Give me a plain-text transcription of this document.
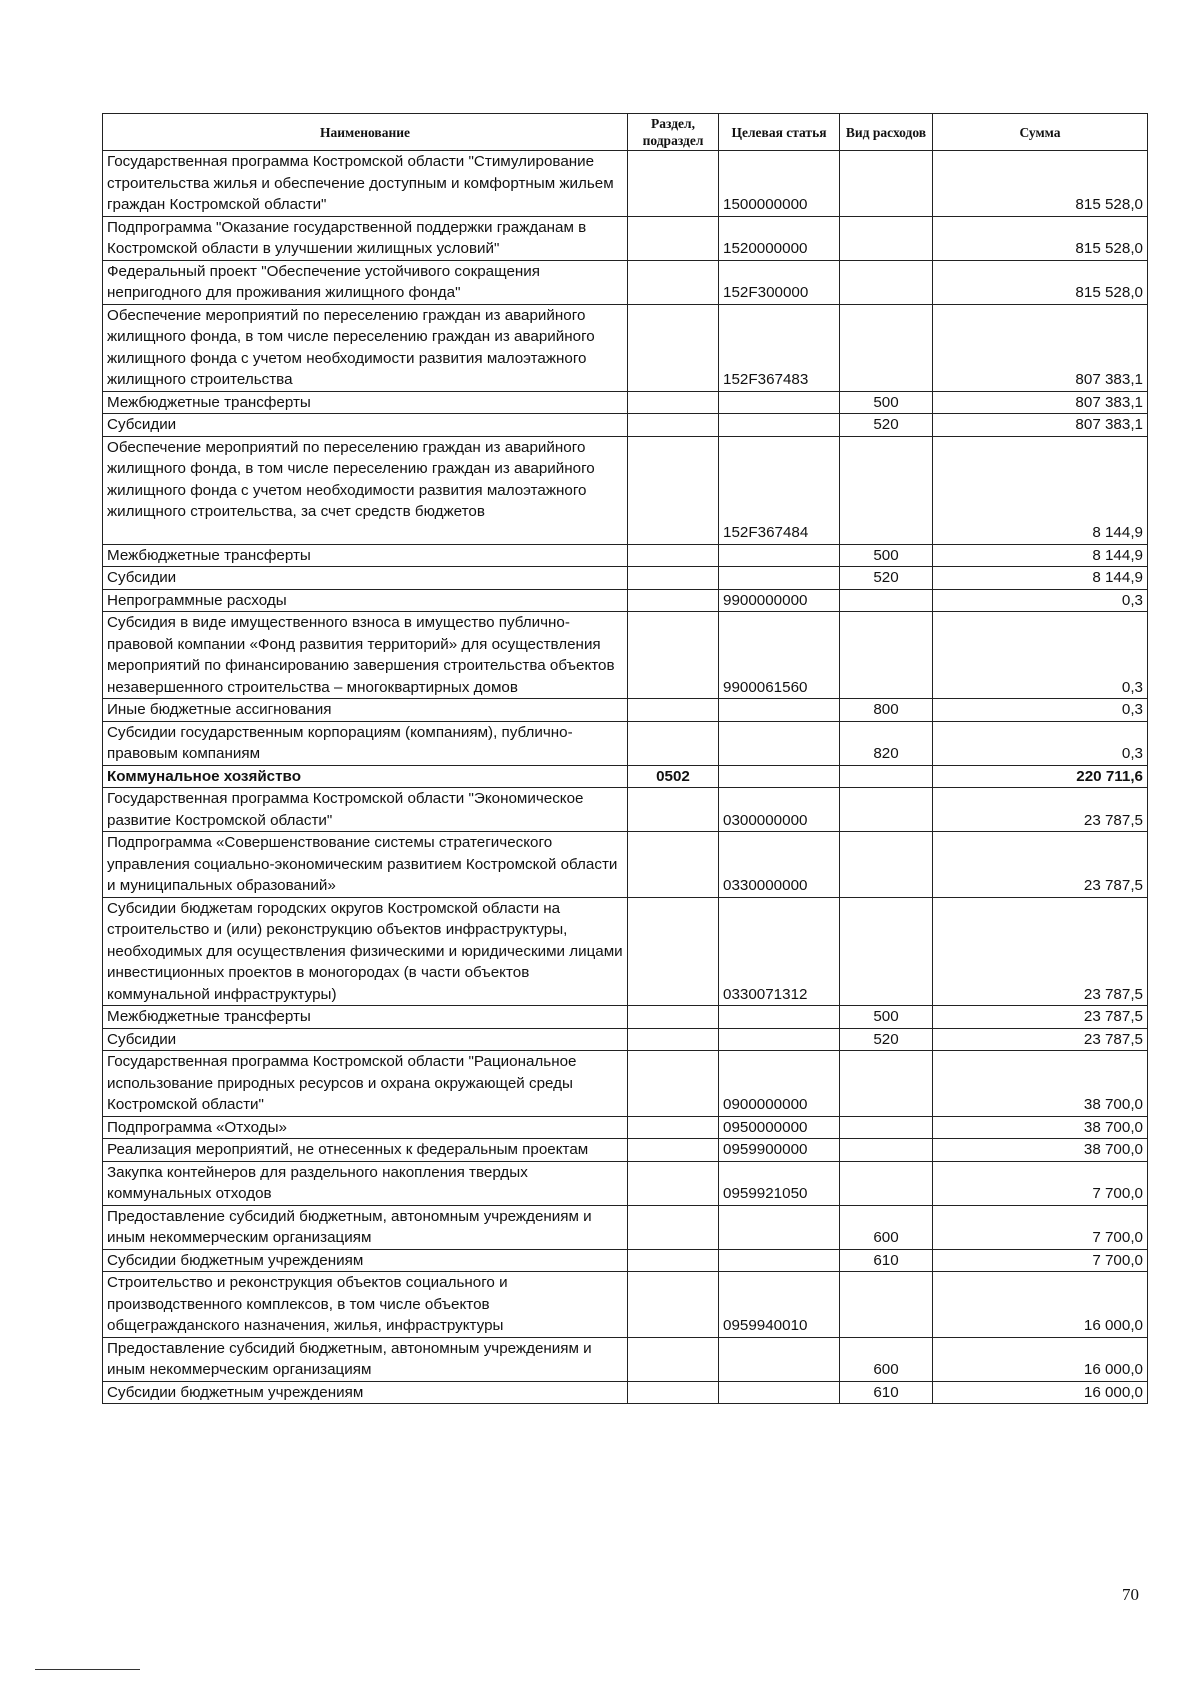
Наименование	Раздел, подраздел	Целевая статья	Вид расходов	Сумма
Государственная программа Костромской области "Стимулирование строительства жилья и обеспечение доступным и комфортным жильем граждан Костромской области"		1500000000		815 528,0
Подпрограмма "Оказание государственной поддержки гражданам в Костромской области в улучшении жилищных условий"		1520000000		815 528,0
Федеральный проект "Обеспечение устойчивого сокращения непригодного для проживания жилищного фонда"		152F300000		815 528,0
Обеспечение мероприятий по переселению граждан из аварийного жилищного фонда, в том числе переселению граждан из аварийного жилищного фонда с учетом необходимости развития малоэтажного жилищного строительства		152F367483		807 383,1
Межбюджетные трансферты			500	807 383,1
Субсидии			520	807 383,1
Обеспечение мероприятий по переселению граждан из аварийного жилищного фонда, в том числе переселению граждан из аварийного жилищного фонда с учетом необходимости развития малоэтажного жилищного строительства, за счет средств бюджетов		152F367484		8 144,9
Межбюджетные трансферты			500	8 144,9
Субсидии			520	8 144,9
Непрограммные расходы		9900000000		0,3
Субсидия в виде имущественного взноса в имущество публично-правовой компании «Фонд развития территорий» для осуществления мероприятий по финансированию завершения строительства объектов незавершенного строительства – многоквартирных домов		9900061560		0,3
Иные бюджетные ассигнования			800	0,3
Субсидии государственным корпорациям (компаниям), публично-правовым компаниям			820	0,3
Коммунальное хозяйство	0502			220 711,6
Государственная программа Костромской области "Экономическое развитие Костромской области"		0300000000		23 787,5
Подпрограмма «Совершенствование системы стратегического управления социально-экономическим развитием Костромской области и муниципальных образований»		0330000000		23 787,5
Субсидии бюджетам городских округов Костромской области на строительство и (или) реконструкцию объектов инфраструктуры, необходимых для осуществления физическими и юридическими лицами инвестиционных проектов в моногородах (в части объектов коммунальной инфраструктуры)		0330071312		23 787,5
Межбюджетные трансферты			500	23 787,5
Субсидии			520	23 787,5
Государственная программа Костромской области "Рациональное использование природных ресурсов и охрана окружающей среды Костромской области"		0900000000		38 700,0
Подпрограмма «Отходы»		0950000000		38 700,0
Реализация мероприятий, не отнесенных к федеральным проектам		0959900000		38 700,0
Закупка контейнеров для раздельного накопления твердых коммунальных отходов		0959921050		7 700,0
Предоставление субсидий бюджетным, автономным учреждениям и иным некоммерческим организациям			600	7 700,0
Субсидии бюджетным учреждениям			610	7 700,0
Строительство и реконструкция объектов социального и производственного комплексов, в том числе объектов общегражданского назначения, жилья, инфраструктуры		0959940010		16 000,0
Предоставление субсидий бюджетным, автономным учреждениям и иным некоммерческим организациям			600	16 000,0
Субсидии бюджетным учреждениям			610	16 000,0
70
